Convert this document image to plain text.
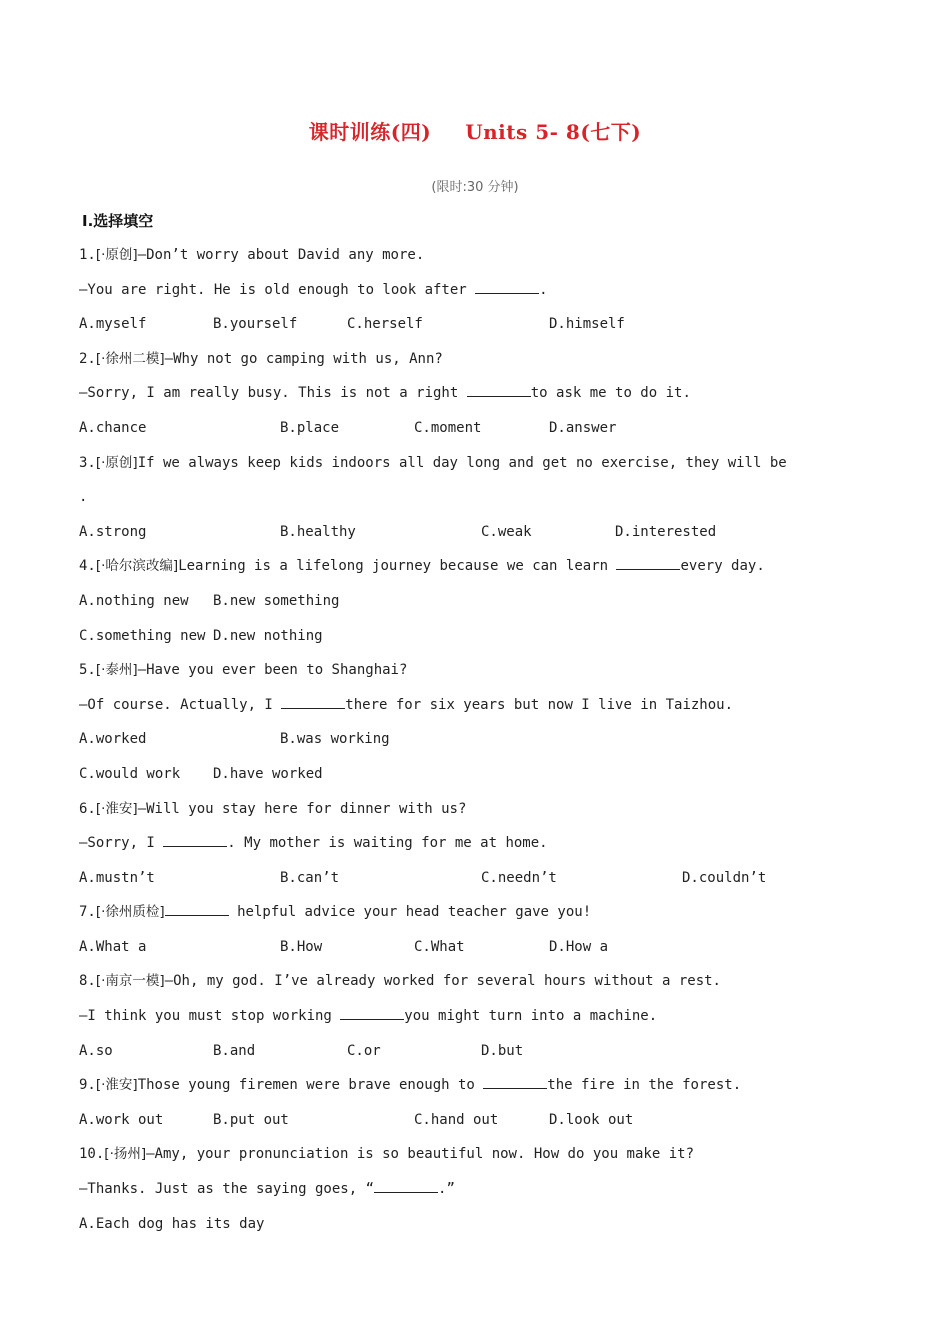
课时训练(四) Units 5- 8(七下)
(限时:30 分钟)
Ⅰ.选择填空
1.[·原创]—Don’t worry about David any more.
—You are right. He is old enough to look after	.
A.myself	B.yourself	C.herself	D.himself
2.[·徐州二模]—Why not go camping with us, Ann?
—Sorry, I am really busy. This is not a right	to ask me to do it.
A.chance	B.place	C.moment	D.answer
3.[·原创]If we always keep kids indoors all day long and get no exercise, they will be
.
A.strong	B.healthy	C.weak	D.interested
4.[·哈尔滨改编]Learning is a lifelong journey because we can learn	every day.
A.nothing new B.new something
C.something new D.new nothing
5.[·泰州]—Have you ever been to Shanghai?
—Of course. Actually, I	there for six years but now I live in Taizhou.
A.worked	B.was working
C.would work D.have worked
6.[·淮安]—Will you stay here for dinner with us?
—Sorry, I	. My mother is waiting for me at home.
A.mustn’t	B.can’t	C.needn’t	D.couldn’t
7.[·徐州质检]	helpful advice your head teacher gave you!
A.What a	B.How	C.What	D.How a
8.[·南京一模]—Oh, my god. I’ve already worked for several hours without a rest.
—I think you must stop working	you might turn into a machine.
A.so	B.and	C.or	D.but
9.[·淮安]Those young firemen were brave enough to	the fire in the forest.
A.work out	B.put out	C.hand out	D.look out
10.[·扬州]—Amy, your pronunciation is so beautiful now. How do you make it?
—Thanks. Just as the saying goes, “	.”
A.Each dog has its day
